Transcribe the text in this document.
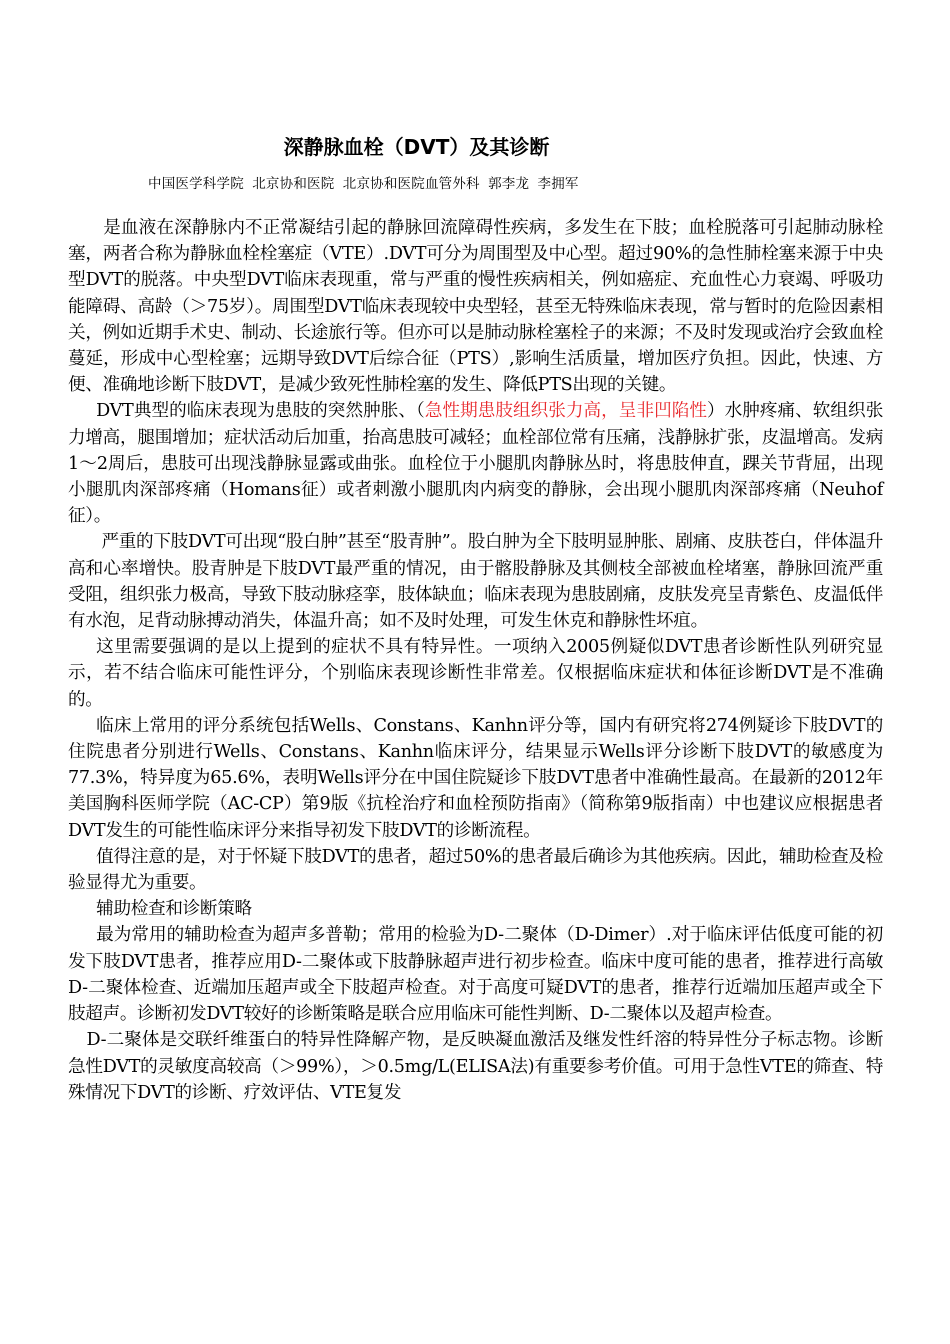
深静脉血栓（DVT）及其诊断
中国医学科学院 北京协和医院 北京协和医院血管外科 郭李龙 李拥军

是血液在深静脉内不正常凝结引起的静脉回流障碍性疾病，多发生在下肢；血栓脱落可引起肺动脉栓塞，两者合称为静脉血栓栓塞症（VTE）.DVT可分为周围型及中心型。超过90%的急性肺栓塞来源于中央型DVT的脱落。中央型DVT临床表现重，常与严重的慢性疾病相关，例如癌症、充血性心力衰竭、呼吸功能障碍、高龄（＞75岁）。周围型DVT临床表现较中央型轻，甚至无特殊临床表现，常与暂时的危险因素相关，例如近期手术史、制动、长途旅行等。但亦可以是肺动脉栓塞栓子的来源；不及时发现或治疗会致血栓蔓延，形成中心型栓塞；远期导致DVT后综合征（PTS）,影响生活质量，增加医疗负担。因此，快速、方便、准确地诊断下肢DVT，是减少致死性肺栓塞的发生、降低PTS出现的关键。

DVT典型的临床表现为患肢的突然肿胀、（急性期患肢组织张力高，呈非凹陷性）水肿疼痛、软组织张力增高，腿围增加；症状活动后加重，抬高患肢可减轻；血栓部位常有压痛，浅静脉扩张，皮温增高。发病1～2周后，患肢可出现浅静脉显露或曲张。血栓位于小腿肌肉静脉丛时，将患肢伸直，踝关节背屈，出现小腿肌肉深部疼痛（Homans征）或者刺激小腿肌肉内病变的静脉，会出现小腿肌肉深部疼痛（Neuhof征）。

严重的下肢DVT可出现“股白肿”甚至“股青肿”。股白肿为全下肢明显肿胀、剧痛、皮肤苍白，伴体温升高和心率增快。股青肿是下肢DVT最严重的情况，由于髂股静脉及其侧枝全部被血栓堵塞，静脉回流严重受阻，组织张力极高，导致下肢动脉痉挛，肢体缺血；临床表现为患肢剧痛，皮肤发亮呈青紫色、皮温低伴有水泡，足背动脉搏动消失，体温升高；如不及时处理，可发生休克和静脉性坏疽。

这里需要强调的是以上提到的症状不具有特异性。一项纳入2005例疑似DVT患者诊断性队列研究显示，若不结合临床可能性评分，个别临床表现诊断性非常差。仅根据临床症状和体征诊断DVT是不准确的。

临床上常用的评分系统包括Wells、Constans、Kanhn评分等，国内有研究将274例疑诊下肢DVT的住院患者分别进行Wells、Constans、Kanhn临床评分，结果显示Wells评分诊断下肢DVT的敏感度为77.3%，特异度为65.6%，表明Wells评分在中国住院疑诊下肢DVT患者中准确性最高。在最新的2012年美国胸科医师学院（AC-CP）第9版《抗栓治疗和血栓预防指南》（简称第9版指南）中也建议应根据患者DVT发生的可能性临床评分来指导初发下肢DVT的诊断流程。

值得注意的是，对于怀疑下肢DVT的患者，超过50%的患者最后确诊为其他疾病。因此，辅助检查及检验显得尤为重要。

辅助检查和诊断策略

最为常用的辅助检查为超声多普勒；常用的检验为D-二聚体（D-Dimer）.对于临床评估低度可能的初发下肢DVT患者，推荐应用D-二聚体或下肢静脉超声进行初步检查。临床中度可能的患者，推荐进行高敏D-二聚体检查、近端加压超声或全下肢超声检查。对于高度可疑DVT的患者，推荐行近端加压超声或全下肢超声。诊断初发DVT较好的诊断策略是联合应用临床可能性判断、D-二聚体以及超声检查。

D-二聚体是交联纤维蛋白的特异性降解产物，是反映凝血激活及继发性纤溶的特异性分子标志物。诊断急性DVT的灵敏度高较高（＞99%），＞0.5mg/L(ELISA法)有重要参考价值。可用于急性VTE的筛查、特殊情况下DVT的诊断、疗效评估、VTE复发
